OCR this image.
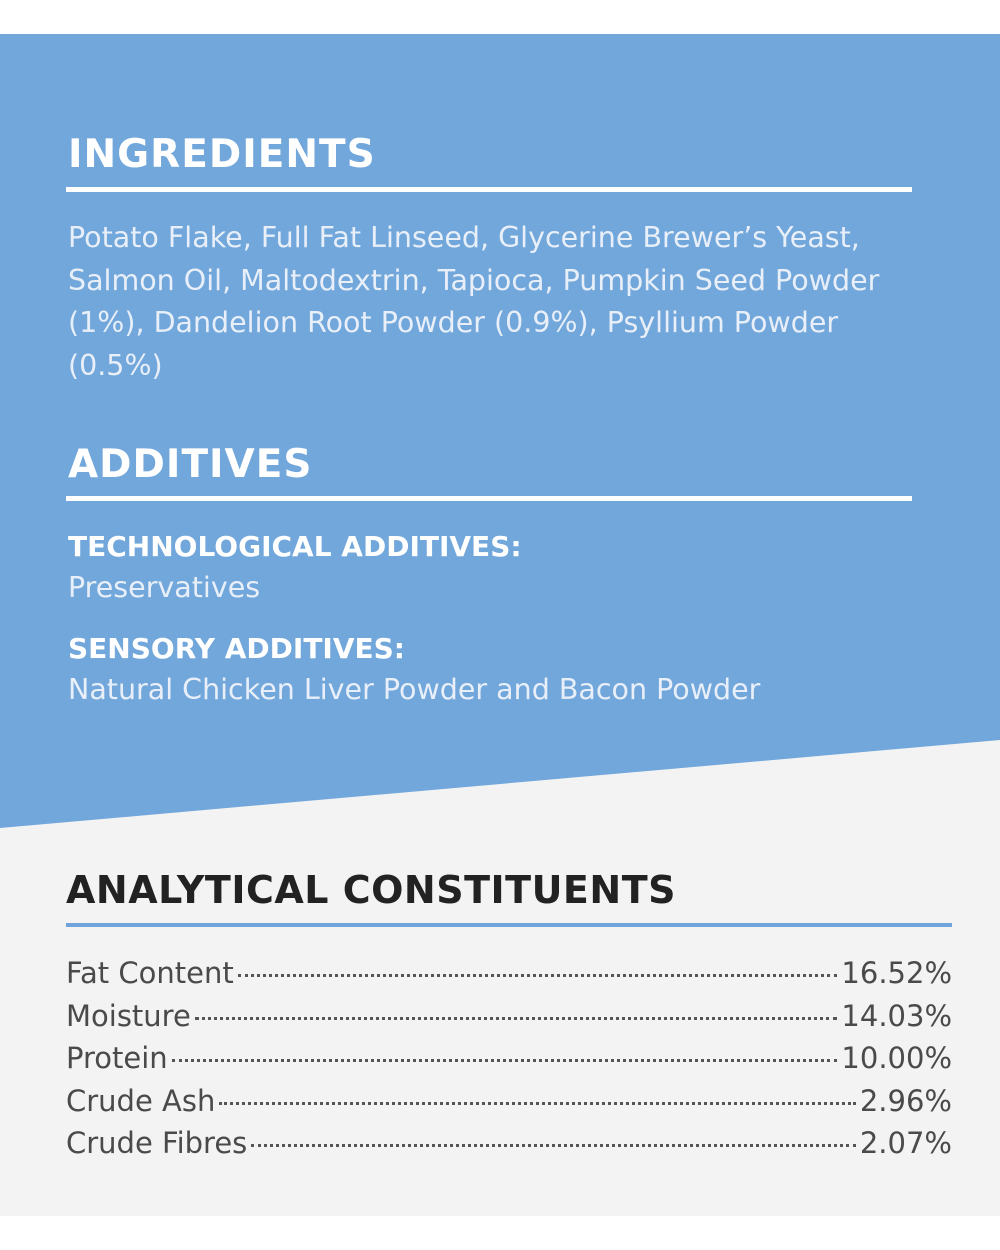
INGREDIENTS

Potato Flake, Full Fat Linseed, Glycerine Brewer’s Yeast, Salmon Oil, Maltodextrin, Tapioca, Pumpkin Seed Powder (1%), Dandelion Root Powder (0.9%), Psyllium Powder (0.5%)

ADDITIVES

TECHNOLOGICAL ADDITIVES:

Preservatives

SENSORY ADDITIVES:

Natural Chicken Liver Powder and Bacon Powder

ANALYTICAL CONSTITUENTS
Fat Content	16.52%
Moisture	14.03%
Protein	10.00%
Crude Ash	2.96%
Crude Fibres	2.07%
